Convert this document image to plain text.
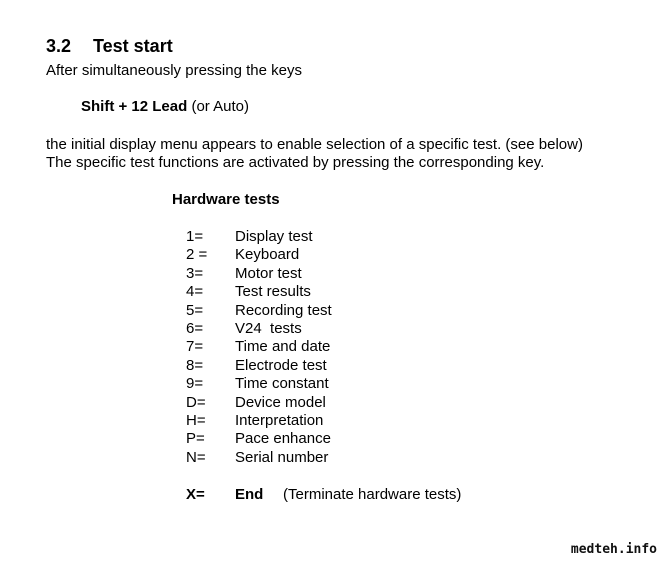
3.2 Test start
After simultaneously pressing the keys
Shift + 12 Lead (or Auto)
the initial display menu appears to enable selection of a specific test. (see below)
The specific test functions are activated by pressing the corresponding key.
Hardware tests
1= Display test
2 = Keyboard
3= Motor test
4= Test results
5= Recording test
6= V24  tests
7= Time and date
8= Electrode test
9= Time constant
D= Device model
H= Interpretation
P= Pace enhance
N= Serial number
X= End (Terminate hardware tests)
medteh.info
